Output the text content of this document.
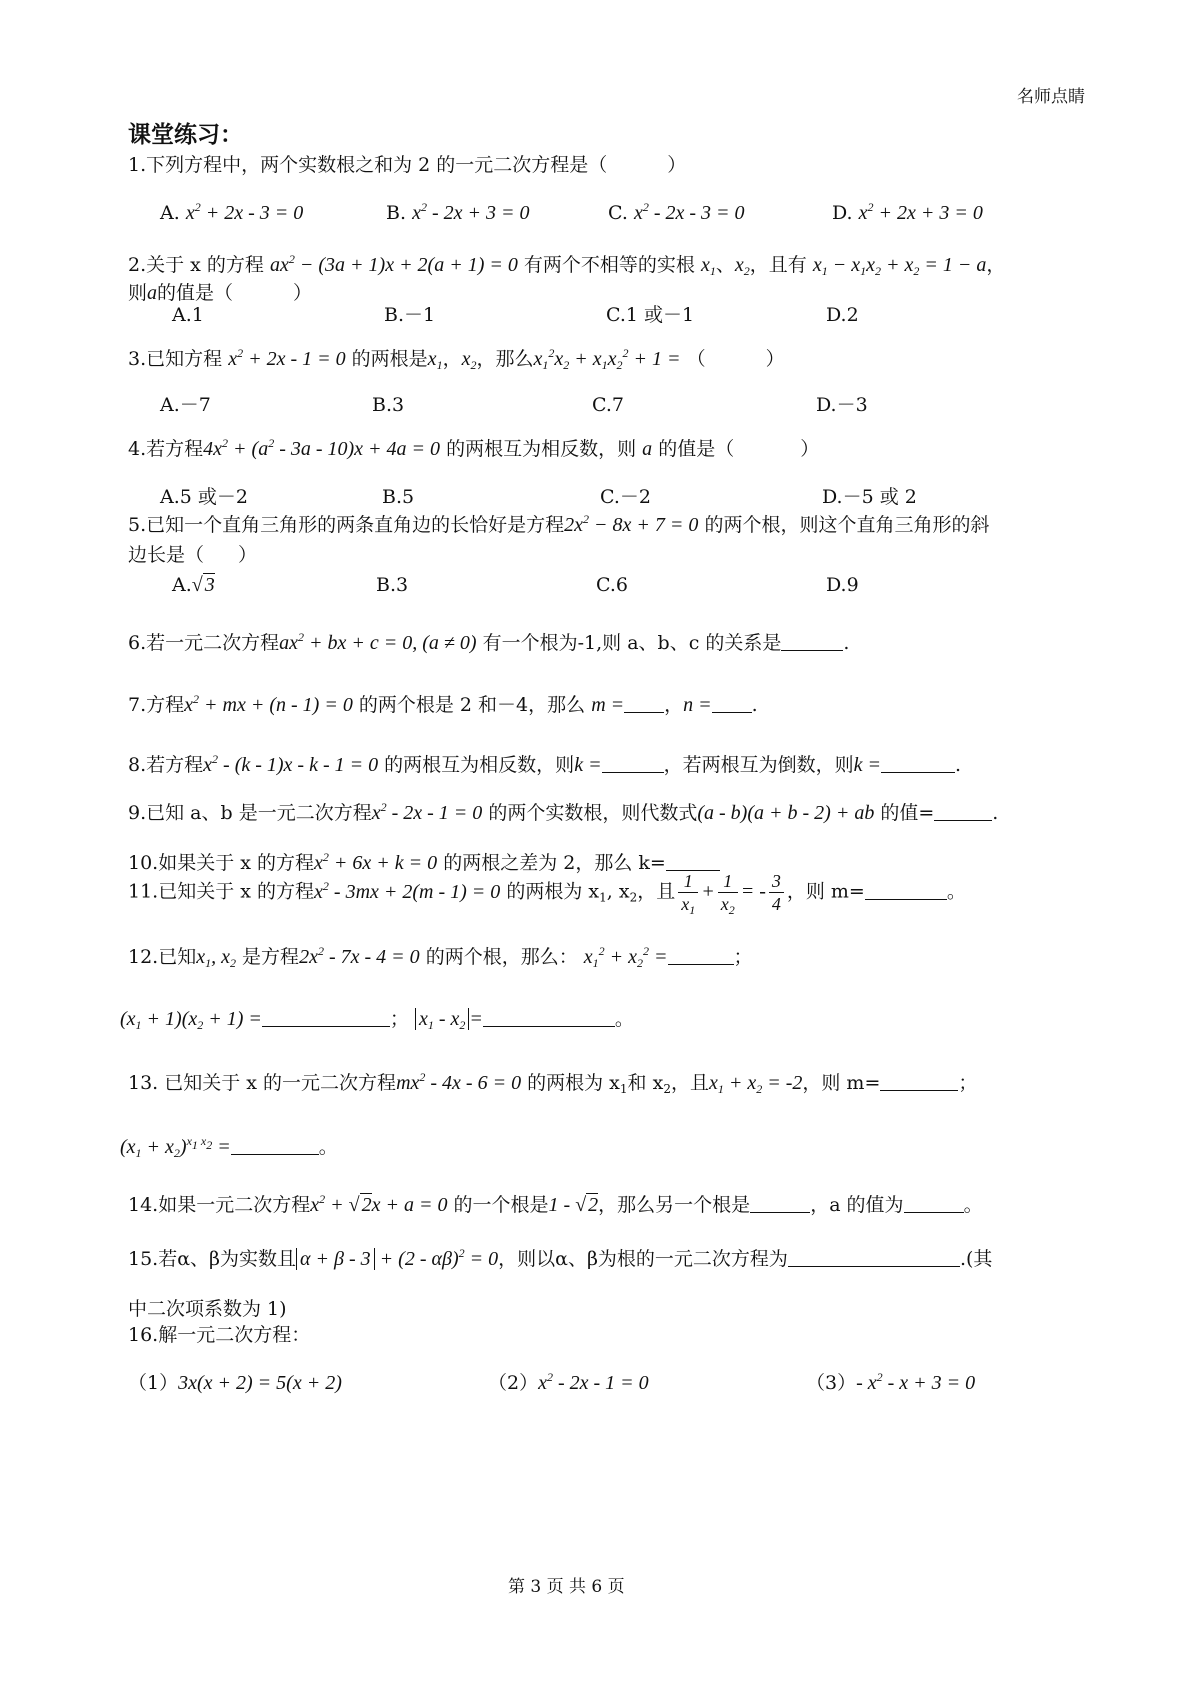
名师点睛
课堂练习：
1.下列方程中，两个实数根之和为 2 的一元二次方程是（	）
A. $x^2 + 2x - 3 = 0$	B. $x^2 - 2x + 3 = 0$	C. $x^2 - 2x - 3 = 0$	D. $x^2 + 2x + 3 = 0$
2.关于 x 的方程 $ax^2 - (3a + 1)x + 2(a + 1) = 0$ 有两个不相等的实根 $x_1$、$x_2$，且有 $x_1 - x_1x_2 + x_2 = 1 - a$，
则a的值是（	）
A.1	B.－1	C.1 或－1	D.2
3.已知方程 $x^2 + 2x - 1 = 0$ 的两根是$x_1$，$x_2$，那么$x_1^2x_2 + x_1x_2^2 + 1$ = （	）
A.－7	B.3	C.7	D.－3
4.若方程$4x^2 + (a^2 - 3a - 10)x + 4a = 0$ 的两根互为相反数，则 a 的值是（	）
A.5 或－2	B.5	C.－2	D.－5 或 2
5.已知一个直角三角形的两条直角边的长恰好是方程$2x^2 - 8x + 7 = 0$ 的两个根，则这个直角三角形的斜
边长是（ ）
A.√ 3	B.3	C.6	D.9
6.若一元二次方程$ax^2$ + bx + c = 0, (a ≠ 0) 有一个根为-1,则 a、b、c 的关系是	.
7.方程$x^2$ + mx + (n - 1) = 0 的两个根是 2 和－4，那么 m = ，n = .
8.若方程$x^2 - (k - 1)x - k - 1 = 0$ 的两根互为相反数，则k =	，若两根互为倒数，则k =	.
9.已知 a、b 是一元二次方程$x^2 - 2x - 1 = 0$ 的两个实数根，则代数式(a - b)(a + b - 2) + ab 的值=	.
10.如果关于 x 的方程$x^2 + 6x + k = 0$ 的两根之差为 2，那么 k=
11.已知关于 x 的方程$x^2 - 3mx + 2(m - 1) = 0$ 的两根为 $x_1$, $x_2$，且 $\frac{1}{x_1} + \frac{1}{x_2}$ = - $\frac{3}{4}$ ，则 m=	。
12.已知$x_1$, $x_2$ 是方程$2x^2 - 7x - 4 = 0$ 的两个根，那么： $x_1^2 + x_2^2$ =	；
$(x_1 + 1)(x_2 + 1)$ =	； $x_1 - x_2$ =	。
13. 已知关于 x 的一元二次方程$mx^2 - 4x - 6 = 0$ 的两根为 $x_1$和 $x_2$，且$x_1 + x_2 = -2$，则 m=	；
$(x_1 + x_2)^{x_1 x_2}$ =	。
14.如果一元二次方程$x^2$ + √ 2x + a = 0 的一个根是1 - √ 2，那么另一个根是	，a 的值为	。
15.若α、β为实数且 α + β - 3 + (2 - αβ)$^2$ = 0，则以α、β为根的一元二次方程为	.(其
中二次项系数为 1)
16.解一元二次方程：
（1）3x(x + 2) = 5(x + 2)	$(2)x^2 - 2x - 1 = 0$	（3）- $x^2 - x + 3 = 0$
第 3 页 共 6 页
